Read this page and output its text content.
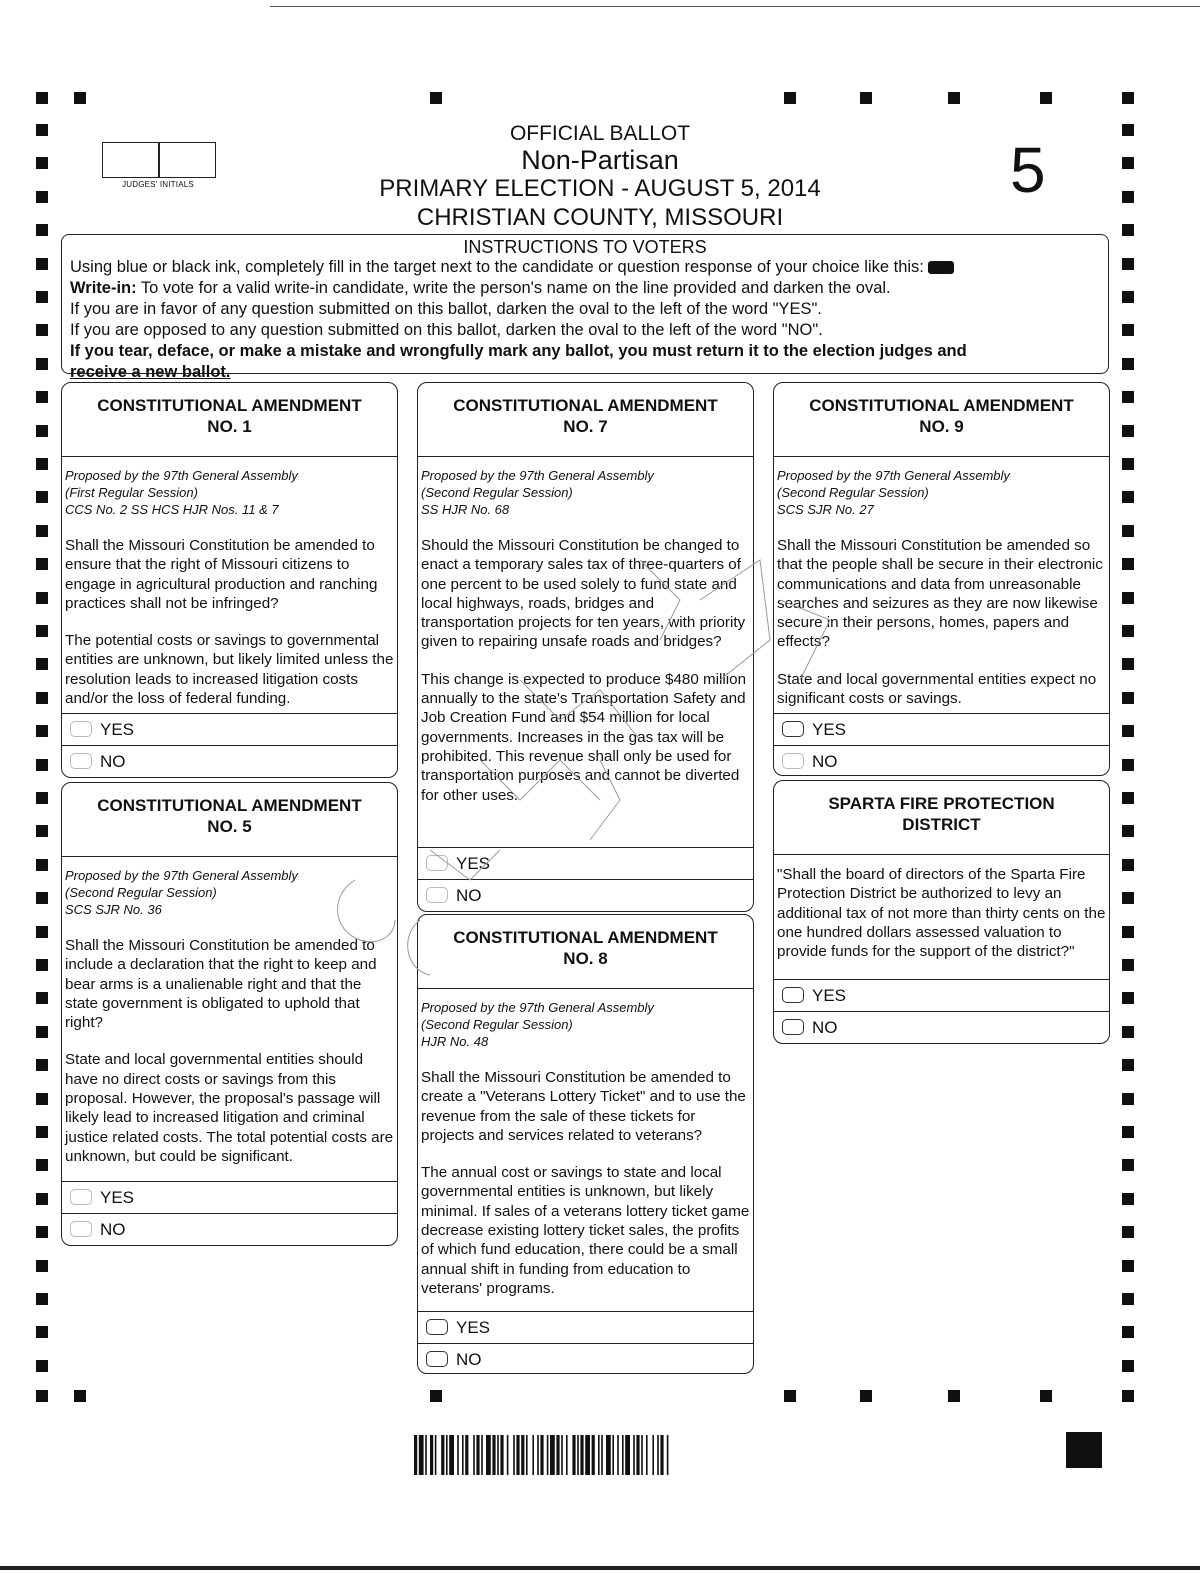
OFFICIAL BALLOT
Non-Partisan
PRIMARY ELECTION - AUGUST 5, 2014
CHRISTIAN COUNTY, MISSOURI
JUDGES' INITIALS	5
INSTRUCTIONS TO VOTERS

Using blue or black ink, completely fill in the target next to the candidate or question response of your choice like this:

Write-in: To vote for a valid write-in candidate, write the person's name on the line provided and darken the oval.

If you are in favor of any question submitted on this ballot, darken the oval to the left of the word "YES".

If you are opposed to any question submitted on this ballot, darken the oval to the left of the word "NO".

If you tear, deface, or make a mistake and wrongfully mark any ballot, you must return it to the election judges and

receive a new ballot.

CONSTITUTIONAL AMENDMENT
NO. 1
Proposed by the 97th General Assembly
(First Regular Session)
CCS No. 2 SS HCS HJR Nos. 11 & 7
Shall the Missouri Constitution be amended to ensure that the right of Missouri citizens to engage in agricultural production and ranching practices shall not be infringed?
The potential costs or savings to governmental entities are unknown, but likely limited unless the resolution leads to increased litigation costs and/or the loss of federal funding.
YES
NO
CONSTITUTIONAL AMENDMENT
NO. 5
Proposed by the 97th General Assembly
(Second Regular Session)
SCS SJR No. 36
Shall the Missouri Constitution be amended to include a declaration that the right to keep and bear arms is a unalienable right and that the state government is obligated to uphold that right?
State and local governmental entities should have no direct costs or savings from this proposal. However, the proposal's passage will likely lead to increased litigation and criminal justice related costs. The total potential costs are unknown, but could be significant.
YES
NO
CONSTITUTIONAL AMENDMENT
NO. 7
Proposed by the 97th General Assembly
(Second Regular Session)
SS HJR No. 68
Should the Missouri Constitution be changed to enact a temporary sales tax of three-quarters of one percent to be used solely to fund state and local highways, roads, bridges and transportation projects for ten years, with priority given to repairing unsafe roads and bridges?
This change is expected to produce $480 million annually to the state's Transportation Safety and Job Creation Fund and $54 million for local governments. Increases in the gas tax will be prohibited. This revenue shall only be used for transportation purposes and cannot be diverted for other uses.
YES
NO
CONSTITUTIONAL AMENDMENT
NO. 8
Proposed by the 97th General Assembly
(Second Regular Session)
HJR No. 48
Shall the Missouri Constitution be amended to create a "Veterans Lottery Ticket" and to use the revenue from the sale of these tickets for projects and services related to veterans?
The annual cost or savings to state and local governmental entities is unknown, but likely minimal. If sales of a veterans lottery ticket game decrease existing lottery ticket sales, the profits of which fund education, there could be a small annual shift in funding from education to veterans' programs.
YES
NO
CONSTITUTIONAL AMENDMENT
NO. 9
Proposed by the 97th General Assembly
(Second Regular Session)
SCS SJR No. 27
Shall the Missouri Constitution be amended so that the people shall be secure in their electronic communications and data from unreasonable searches and seizures as they are now likewise secure in their persons, homes, papers and effects?
State and local governmental entities expect no significant costs or savings.
YES
NO
SPARTA FIRE PROTECTION
DISTRICT
"Shall the board of directors of the Sparta Fire Protection District be authorized to levy an additional tax of not more than thirty cents on the one hundred dollars assessed valuation to provide funds for the support of the district?"
YES
NO
